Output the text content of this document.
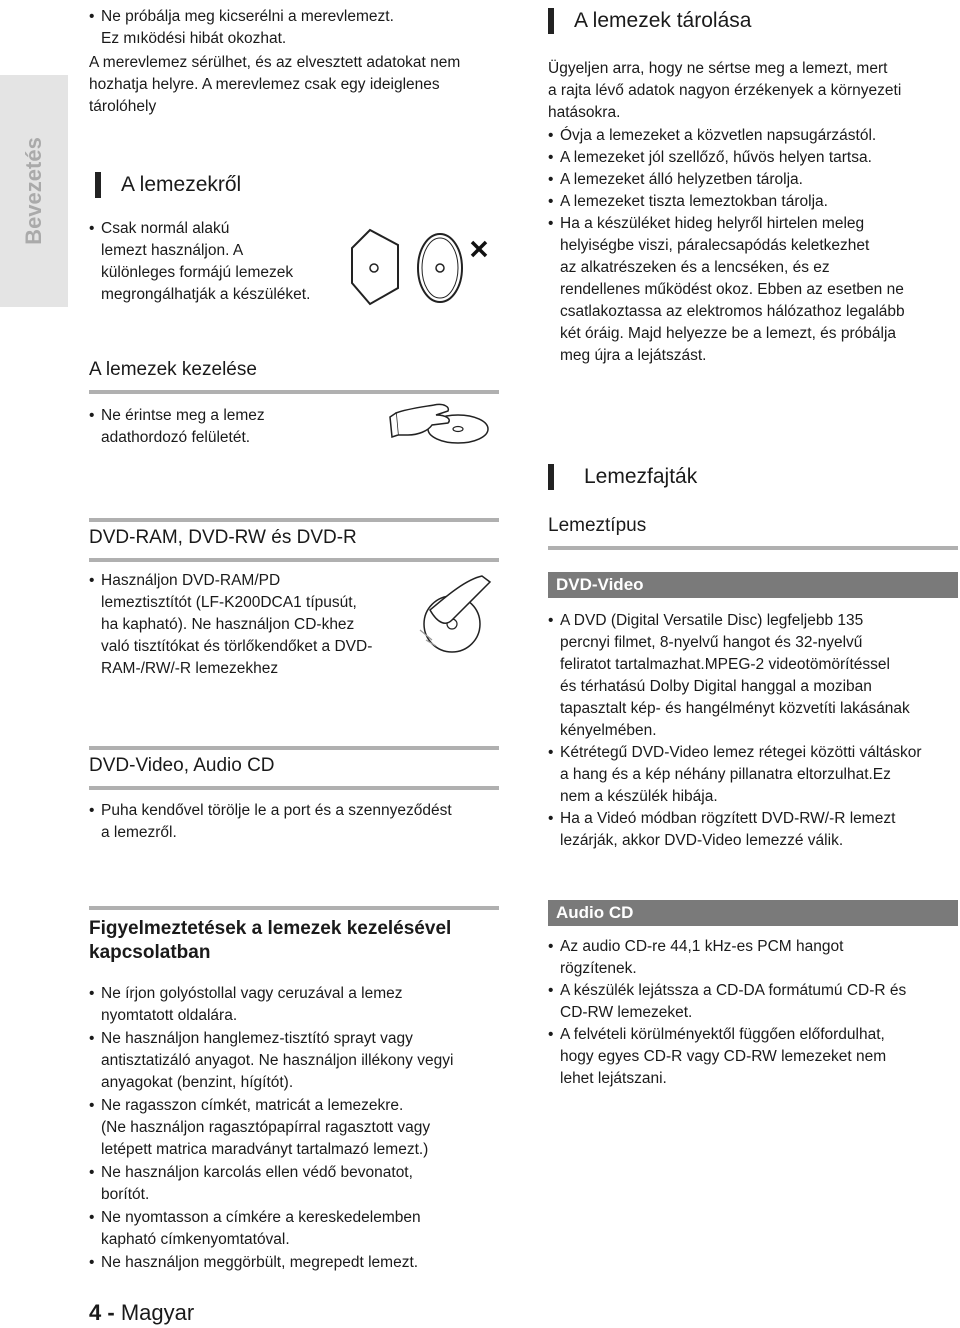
Bevezetés
• Ne próbálja meg kicserélni a merevlemezt.
Ez mıködési hibát okozhat.
A merevlemez sérülhet, és az elvesztett adatokat nem hozhatja helyre. A merevlemez csak egy ideiglenes tárolóhely
A lemezekről
• Csak normál alakú
lemezt használjon. A
különleges formájú lemezek
megrongálhatják a készüléket.
A lemezek kezelése
• Ne érintse meg a lemez
adathordozó felületét.
DVD-RAM, DVD-RW és DVD-R
• Használjon DVD-RAM/PD
lemeztisztítót (LF-K200DCA1 típusút,
ha kapható). Ne használjon CD-khez
való tisztítókat és törlőkendőket a DVD-
RAM-/RW/-R lemezekhez
DVD-Video, Audio CD
• Puha kendővel törölje le a port és a szennyeződést
a lemezről.
Figyelmeztetések a lemezek kezelésével
kapcsolatban
• Ne írjon golyóstollal vagy ceruzával a lemez
nyomtatott oldalára.
• Ne használjon hanglemez-tisztító sprayt vagy
antisztatizáló anyagot. Ne használjon illékony vegyi
anyagokat (benzint, hígítót).
• Ne ragasszon címkét, matricát a lemezekre.
(Ne használjon ragasztópapírral ragasztott vagy
letépett matrica maradványt tartalmazó lemezt.)
• Ne használjon karcolás ellen védő bevonatot,
borítót.
• Ne nyomtasson a címkére a kereskedelemben
kapható címkenyomtatóval.
• Ne használjon meggörbült, megrepedt lemezt.
4 - Magyar
A lemezek tárolása
Ügyeljen arra, hogy ne sértse meg a lemezt, mert
a rajta lévő adatok nagyon érzékenyek a környezeti
hatásokra.
• Óvja a lemezeket a közvetlen napsugárzástól.
• A lemezeket jól szellőző, hűvös helyen tartsa.
• A lemezeket álló helyzetben tárolja.
• A lemezeket tiszta lemeztokban tárolja.
• Ha a készüléket hideg helyről hirtelen meleg
helyiségbe viszi, páralecsapódás keletkezhet
az alkatrészeken és a lencséken, és ez
rendellenes működést okoz. Ebben az esetben ne
csatlakoztassa az elektromos hálózathoz legalább
két óráig. Majd helyezze be a lemezt, és próbálja
meg újra a lejátszást.
Lemezfajták
Lemeztípus
DVD-Video
• A DVD (Digital Versatile Disc) legfeljebb 135
percnyi filmet, 8-nyelvű hangot és 32-nyelvű
feliratot tartalmazhat.MPEG-2 videotömörítéssel
és térhatású Dolby Digital hanggal a moziban
tapasztalt kép- és hangélményt közvetíti lakásának
kényelmében.
• Kétrétegű DVD-Video lemez rétegei közötti váltáskor
a hang és a kép néhány pillanatra eltorzulhat.Ez
nem a készülék hibája.
• Ha a Videó módban rögzített DVD-RW/-R lemezt
lezárják, akkor DVD-Video lemezzé válik.
Audio CD
• Az audio CD-re 44,1 kHz-es PCM hangot
rögzítenek.
• A készülék lejátssza a CD-DA formátumú CD-R és
CD-RW lemezeket.
• A felvételi körülményektől függően előfordulhat,
hogy egyes CD-R vagy CD-RW lemezeket nem
lehet lejátszani.
